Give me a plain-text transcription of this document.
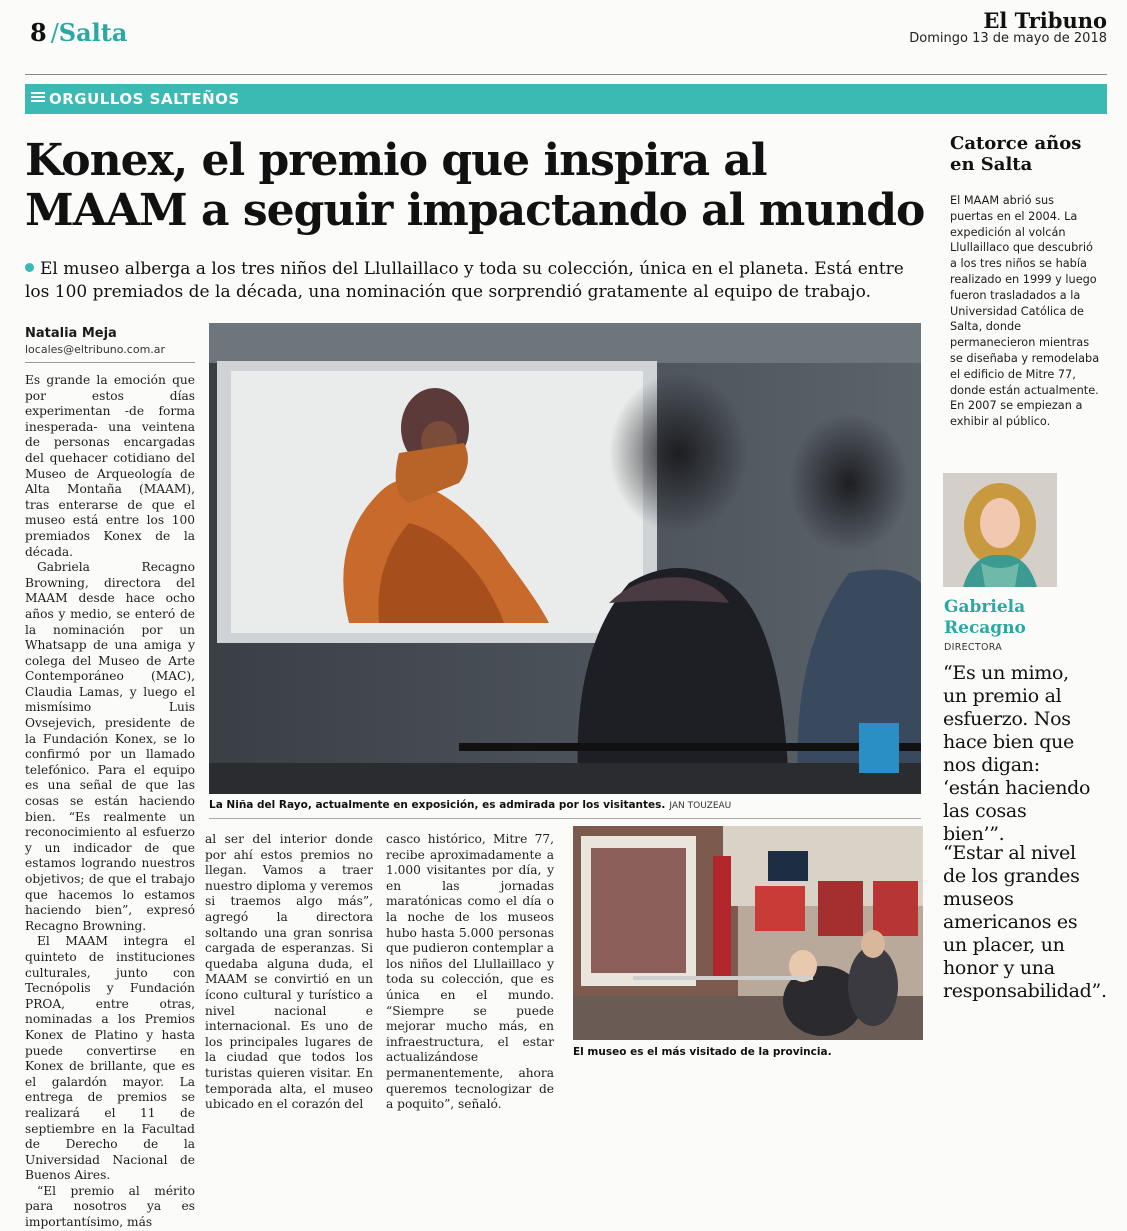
8 /Salta	El Tribuno
Domingo 13 de mayo de 2018
ORGULLOS SALTEÑOS
Konex, el premio que inspira al
MAAM a seguir impactando al mundo
El museo alberga a los tres niños del Llullaillaco y toda su colección, única en el planeta. Está entre los 100 premiados de la década, una nominación que sorprendió gratamente al equipo de trabajo.
Natalia Meja
locales@eltribuno.com.ar

Es grande la emoción que por estos días experimentan -de forma inesperada- una veintena de personas encargadas del quehacer cotidiano del Museo de Arqueología de Alta Montaña (MAAM), tras enterarse de que el museo está entre los 100 premiados Konex de la década.

Gabriela Recagno Browning, directora del MAAM desde hace ocho años y medio, se enteró de la nominación por un Whatsapp de una amiga y colega del Museo de Arte Contemporáneo (MAC), Claudia Lamas, y luego el mismísimo Luis Ovsejevich, presidente de la Fundación Konex, se lo confirmó por un llamado telefónico. Para el equipo es una señal de que las cosas se están haciendo bien. “Es realmente un reconocimiento al esfuerzo y un indicador de que estamos logrando nuestros objetivos; de que el trabajo que hacemos lo estamos haciendo bien”, expresó Recagno Browning.

El MAAM integra el quinteto de instituciones culturales, junto con Tecnópolis y Fundación PROA, entre otras, nominadas a los Premios Konex de Platino y hasta puede convertirse en Konex de brillante, que es el galardón mayor. La entrega de premios se realizará el 11 de septiembre en la Facultad de Derecho de la Universidad Nacional de Buenos Aires.

“El premio al mérito para nosotros ya es importantísimo, más

al ser del interior donde por ahí estos premios no llegan. Vamos a traer nuestro diploma y veremos si traemos algo más”, agregó la directora soltando una gran sonrisa cargada de esperanzas. Si quedaba alguna duda, el MAAM se convirtió en un ícono cultural y turístico a nivel nacional e internacional. Es uno de los principales lugares de la ciudad que todos los turistas quieren visitar. En temporada alta, el museo ubicado en el corazón del

casco histórico, Mitre 77, recibe aproximadamente a 1.000 visitantes por día, y en las jornadas maratónicas como el día o la noche de los museos hubo hasta 5.000 personas que pudieron contemplar a los niños del Llullaillaco y toda su colección, que es única en el mundo. “Siempre se puede mejorar mucho más, en infraestructura, el estar actualizándose permanentemente, ahora queremos tecnologizar de a poquito”, señaló.

La Niña del Rayo, actualmente en exposición, es admirada por los visitantes. JAN TOUZEAU
El museo es el más visitado de la provincia.
Catorce años en Salta
El MAAM abrió sus puertas en el 2004. La expedición al volcán Llullaillaco que descubrió a los tres niños se había realizado en 1999 y luego fueron trasladados a la Universidad Católica de Salta, donde permanecieron mientras se diseñaba y remodelaba el edificio de Mitre 77, donde están actualmente. En 2007 se empiezan a exhibir al público.
Gabriela Recagno
DIRECTORA
“Es un mimo, un premio al esfuerzo. Nos hace bien que nos digan: ‘están haciendo las cosas bien’”.
“Estar al nivel de los grandes museos americanos es un placer, un honor y una responsabilidad”.
